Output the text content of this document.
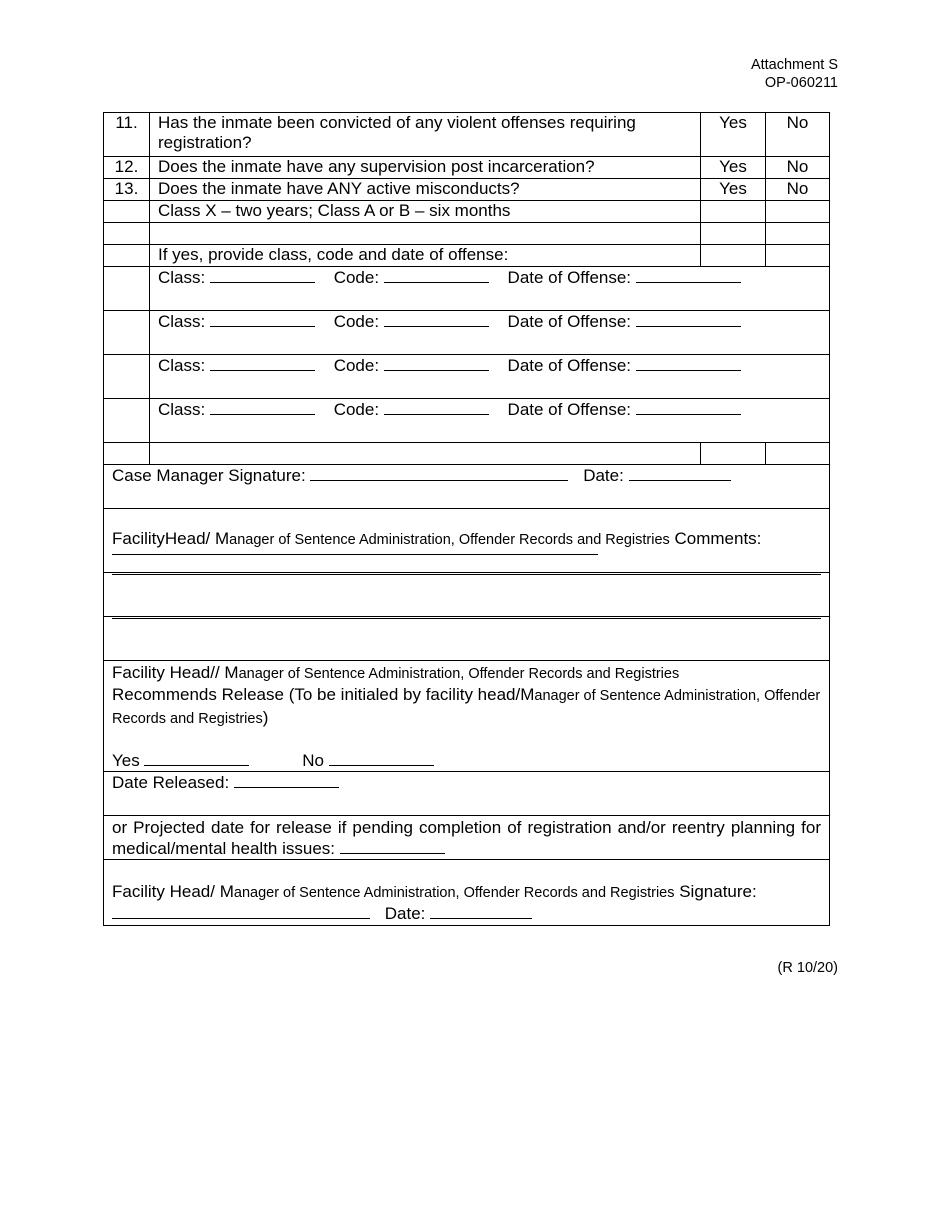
Attachment S
OP-060211
11.	Has the inmate been convicted of any violent offenses requiring registration?	Yes	No
12.	Does the inmate have any supervision post incarceration?	Yes	No
13.	Does the inmate have ANY active misconducts?	Yes	No
	Class X – two years; Class A or B – six months		

	If yes, provide class, code and date of offense:		
	Class: Code: Date of Offense:		
	Class: Code: Date of Offense:		
	Class: Code: Date of Offense:		
	Class: Code: Date of Offense:		

Case Manager Signature: Date:			
FacilityHead/ Manager of Sentence Administration, Offender Records and Registries Comments:			

Facility Head// Manager of Sentence Administration, Offender Records and Registries
Recommends Release (To be initialed by facility head/Manager of Sentence Administration, Offender Records and Registries)
Yes No			

Date Released:			

or Projected date for release if pending completion of registration and/or reentry planning for medical/mental health issues:			

Facility Head/ Manager of Sentence Administration, Offender Records and Registries Signature:
Date:			
(R 10/20)
